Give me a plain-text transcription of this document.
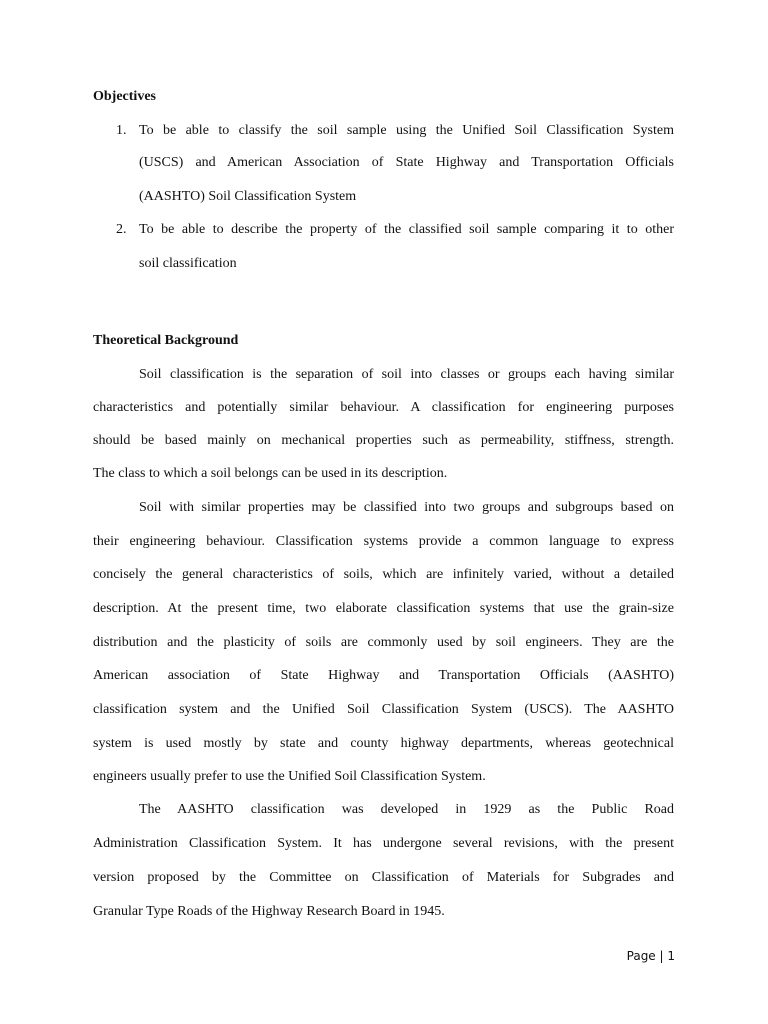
Objectives
1. To be able to classify the soil sample using the Unified Soil Classification System
(USCS) and American Association of State Highway and Transportation Officials
(AASHTO) Soil Classification System
2. To be able to describe the property of the classified soil sample comparing it to other
soil classification
Theoretical Background
Soil classification is the separation of soil into classes or groups each having similar
characteristics and potentially similar behaviour. A classification for engineering purposes
should be based mainly on mechanical properties such as permeability, stiffness, strength.
The class to which a soil belongs can be used in its description.
Soil with similar properties may be classified into two groups and subgroups based on
their engineering behaviour. Classification systems provide a common language to express
concisely the general characteristics of soils, which are infinitely varied, without a detailed
description. At the present time, two elaborate classification systems that use the grain-size
distribution and the plasticity of soils are commonly used by soil engineers. They are the
American association of State Highway and Transportation Officials (AASHTO)
classification system and the Unified Soil Classification System (USCS). The AASHTO
system is used mostly by state and county highway departments, whereas geotechnical
engineers usually prefer to use the Unified Soil Classification System.
The AASHTO classification was developed in 1929 as the Public Road
Administration Classification System. It has undergone several revisions, with the present
version proposed by the Committee on Classification of Materials for Subgrades and
Granular Type Roads of the Highway Research Board in 1945.
Page | 1
